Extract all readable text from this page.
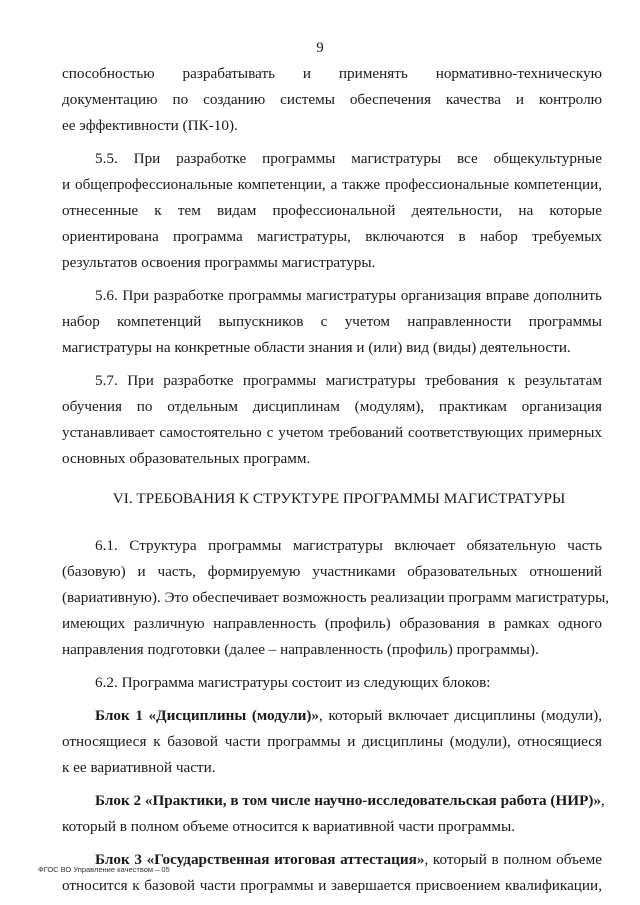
9
способностью разрабатывать и применять нормативно-техническую
документацию по созданию системы обеспечения качества и контролю
ее эффективности (ПК-10).
5.5. При разработке программы магистратуры все общекультурные
и общепрофессиональные компетенции, а также профессиональные компетенции,
отнесенные к тем видам профессиональной деятельности, на которые
ориентирована программа магистратуры, включаются в набор требуемых
результатов освоения программы магистратуры.
5.6. При разработке программы магистратуры организация вправе дополнить
набор компетенций выпускников с учетом направленности программы
магистратуры на конкретные области знания и (или) вид (виды) деятельности.
5.7. При разработке программы магистратуры требования к результатам
обучения по отдельным дисциплинам (модулям), практикам организация
устанавливает самостоятельно с учетом требований соответствующих примерных
основных образовательных программ.
VI. ТРЕБОВАНИЯ К СТРУКТУРЕ ПРОГРАММЫ МАГИСТРАТУРЫ
6.1. Структура программы магистратуры включает обязательную часть
(базовую) и часть, формируемую участниками образовательных отношений
(вариативную). Это обеспечивает возможность реализации программ магистратуры,
имеющих различную направленность (профиль) образования в рамках одного
направления подготовки (далее – направленность (профиль) программы).
6.2. Программа магистратуры состоит из следующих блоков:
Блок 1 «Дисциплины (модули)», который включает дисциплины (модули),
относящиеся к базовой части программы и дисциплины (модули), относящиеся
к ее вариативной части.
Блок 2 «Практики, в том числе научно-исследовательская работа (НИР)»,
который в полном объеме относится к вариативной части программы.
Блок 3 «Государственная итоговая аттестация», который в полном объеме
относится к базовой части программы и завершается присвоением квалификации,
ФГОС ВО Управление качеством – 05
